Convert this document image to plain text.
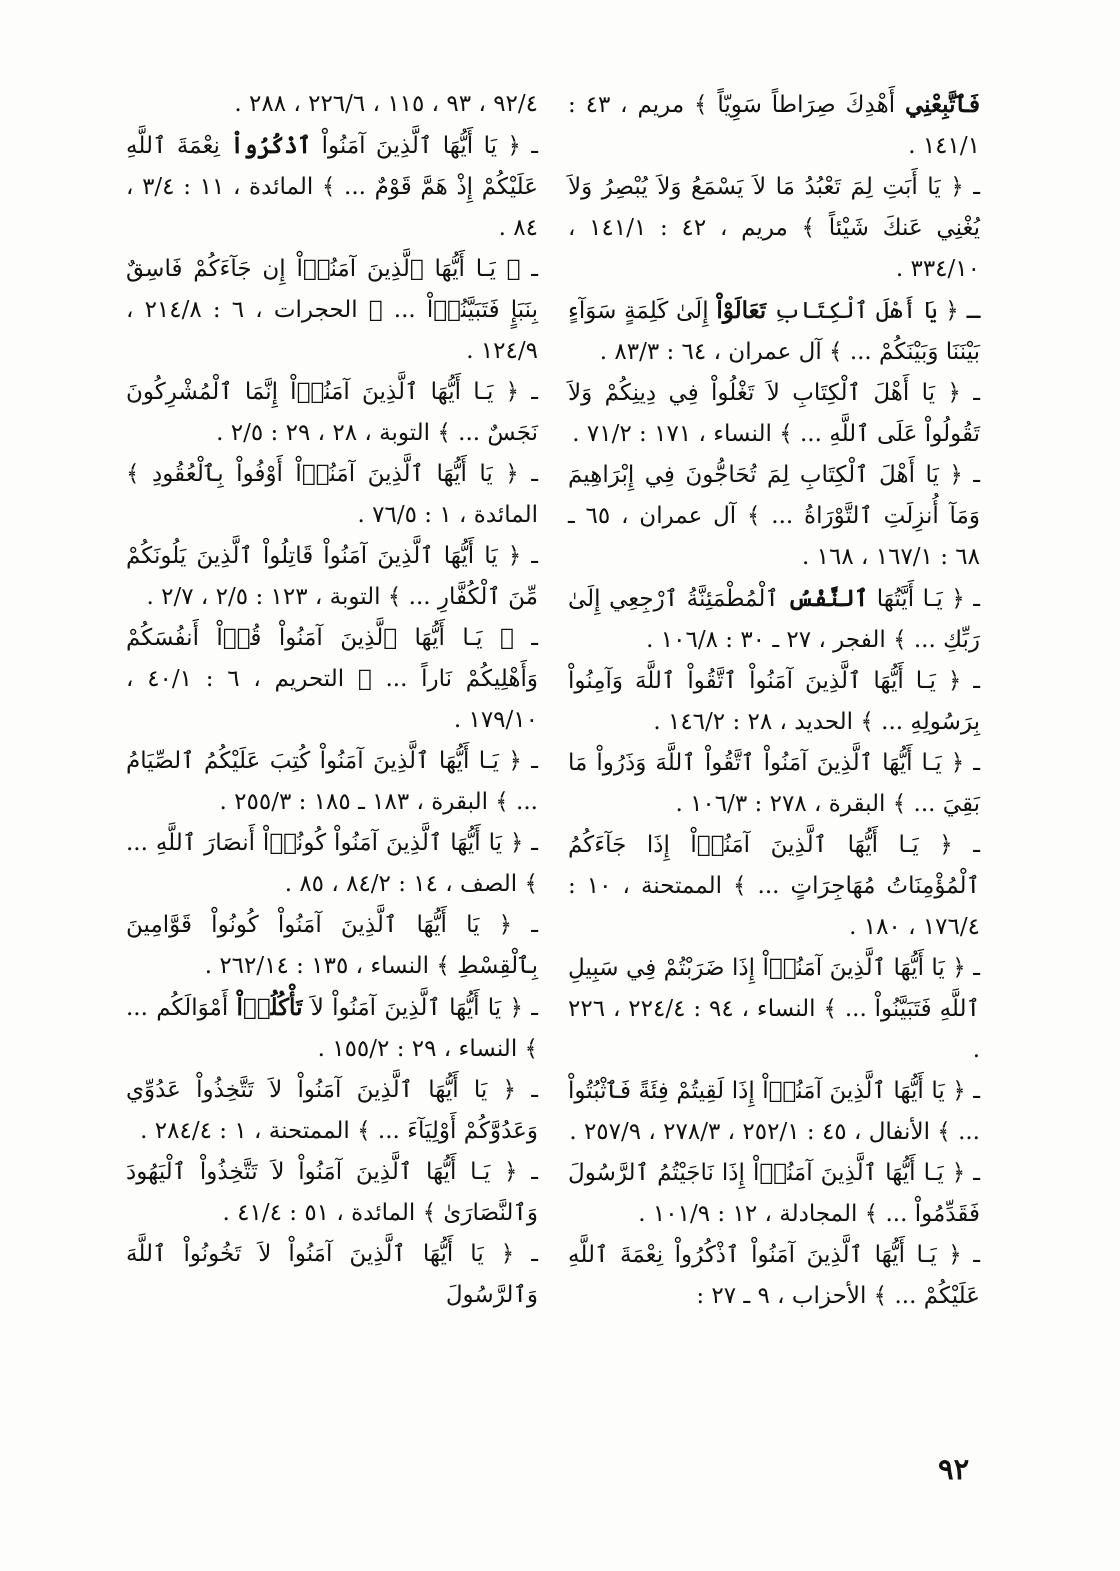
فَٱتَّبِعْنِي أَهْدِكَ صِرَاطاً سَوِيّاً ﴾ مريم ، ٤٣ : ١٤١/١ .

ـ ﴿ يَا أَبَتِ لِمَ تَعْبُدُ مَا لاَ يَسْمَعُ وَلاَ يُبْصِرُ وَلاَ يُغْنِي عَنكَ شَيْئاً ﴾ مريم ، ٤٢ : ١٤١/١ ، ٣٣٤/١٠ .

ـ ﴿ يَا أَهْلَ ٱلْكِتَابِ تَعَالَوْاْ إِلَىٰ كَلِمَةٍ سَوَآءٍ بَيْنَنَا وَبَيْنَكُمْ ... ﴾ آل عمران ، ٦٤ : ٨٣/٣ .

ـ ﴿ يَا أَهْلَ ٱلْكِتَابِ لاَ تَغْلُواْ فِي دِينِكُمْ وَلاَ تَقُولُواْ عَلَى ٱللَّهِ ... ﴾ النساء ، ١٧١ : ٧١/٢ .

ـ ﴿ يَا أَهْلَ ٱلْكِتَابِ لِمَ تُحَاجُّونَ فِي إِبْرَاهِيمَ وَمَآ أُنزِلَتِ ٱلتَّوْرَاةُ ... ﴾ آل عمران ، ٦٥ ـ ٦٨ : ١٦٧/١ ، ١٦٨ .

ـ ﴿ يَـا أَيَّتُهَا ٱلنَّفْسُ ٱلْمُطْمَئِنَّةُ ٱرْجِعِي إِلَىٰ رَبِّكِ ... ﴾ الفجر ، ٢٧ ـ ٣٠ : ١٠٦/٨ .

ـ ﴿ يَـا أَيُّهَا ٱلَّذِينَ آمَنُواْ ٱتَّقُواْ ٱللَّهَ وَآمِنُواْ بِرَسُولِهِ ... ﴾ الحديد ، ٢٨ : ١٤٦/٢ .

ـ ﴿ يَـا أَيُّهَا ٱلَّذِينَ آمَنُواْ ٱتَّقُواْ ٱللَّهَ وَذَرُواْ مَا بَقِيَ ... ﴾ البقرة ، ٢٧٨ : ١٠٦/٣ .

ـ ﴿ يَـا أَيُّهَا ٱلَّذِينَ آمَنُوۤاْ إِذَا جَآءَكُمُ ٱلْمُؤْمِنَاتُ مُهَاجِرَاتٍ ... ﴾ الممتحنة ، ١٠ : ١٧٦/٤ ، ١٨٠ .

ـ ﴿ يَا أَيُّهَا ٱلَّذِينَ آمَنُوۤاْ إِذَا ضَرَبْتُمْ فِي سَبِيلِ ٱللَّهِ فَتَبَيَّنُواْ ... ﴾ النساء ، ٩٤ : ٢٢٤/٤ ، ٢٢٦ .

ـ ﴿ يَا أَيُّهَا ٱلَّذِينَ آمَنُوۤاْ إِذَا لَقِيتُمْ فِئَةً فَٱثْبُتُواْ ... ﴾ الأنفال ، ٤٥ : ٢٥٢/١ ، ٢٧٨/٣ ، ٢٥٧/٩ .

ـ ﴿ يَـا أَيُّهَا ٱلَّذِينَ آمَنُوۤاْ إِذَا نَاجَيْتُمُ ٱلرَّسُولَ فَقَدِّمُواْ ... ﴾ المجادلة ، ١٢ : ١٠١/٩ .

ـ ﴿ يَـا أَيُّهَا ٱلَّذِينَ آمَنُواْ ٱذْكُرُواْ نِعْمَةَ ٱللَّهِ عَلَيْكُمْ ... ﴾ الأحزاب ، ٩ ـ ٢٧ :

٩٢/٤ ، ٩٣ ، ١١٥ ، ٢٢٦/٦ ، ٢٨٨ .

ـ ﴿ يَا أَيُّهَا ٱلَّذِينَ آمَنُواْ ٱذْكُرُواْ نِعْمَةَ ٱللَّهِ عَلَيْكُمْ إِذْ هَمَّ قَوْمٌ ... ﴾ المائدة ، ١١ : ٣/٤ ، ٨٤ .

ـ ﴿ يَـا أَيُّهَا ٱلَّذِينَ آمَنُوۤاْ إِن جَآءَكُمْ فَاسِقٌ بِنَبَإٍ فَتَبَيَّنُوۤاْ ... ﴾ الحجرات ، ٦ : ٢١٤/٨ ، ١٢٤/٩ .

ـ ﴿ يَـا أَيُّهَا ٱلَّذِينَ آمَنُوۤاْ إِنَّمَا ٱلْمُشْرِكُونَ نَجَسٌ ... ﴾ التوبة ، ٢٨ ، ٢٩ : ٢/٥ .

ـ ﴿ يَا أَيُّهَا ٱلَّذِينَ آمَنُوۤاْ أَوْفُواْ بِٱلْعُقُودِ ﴾ المائدة ، ١ : ٧٦/٥ .

ـ ﴿ يَا أَيُّهَا ٱلَّذِينَ آمَنُواْ قَاتِلُواْ ٱلَّذِينَ يَلُونَكُمْ مِّنَ ٱلْكُفَّارِ ... ﴾ التوبة ، ١٢٣ : ٢/٥ ، ٢/٧ .

ـ ﴿ يَـا أَيُّهَا ٱلَّذِينَ آمَنُواْ قُوۤاْ أَنفُسَكُمْ وَأَهْلِيكُمْ نَاراً ... ﴾ التحريم ، ٦ : ٤٠/١ ، ١٧٩/١٠ .

ـ ﴿ يَـا أَيُّهَا ٱلَّذِينَ آمَنُواْ كُتِبَ عَلَيْكُمُ ٱلصِّيَامُ ... ﴾ البقرة ، ١٨٣ ـ ١٨٥ : ٢٥٥/٣ .

ـ ﴿ يَا أَيُّهَا ٱلَّذِينَ آمَنُواْ كُونُوۤاْ أَنصَارَ ٱللَّهِ ... ﴾ الصف ، ١٤ : ٨٤/٢ ، ٨٥ .

ـ ﴿ يَا أَيُّهَا ٱلَّذِينَ آمَنُواْ كُونُواْ قَوَّامِينَ بِٱلْقِسْطِ ﴾ النساء ، ١٣٥ : ٢٦٢/١٤ .

ـ ﴿ يَا أَيُّهَا ٱلَّذِينَ آمَنُواْ لاَ تَأْكُلُوۤاْ أَمْوَالَكُم ... ﴾ النساء ، ٢٩ : ١٥٥/٢ .

ـ ﴿ يَا أَيُّهَا ٱلَّذِينَ آمَنُواْ لاَ تَتَّخِذُواْ عَدُوِّي وَعَدُوَّكُمْ أَوْلِيَآءَ ... ﴾ الممتحنة ، ١ : ٢٨٤/٤ .

ـ ﴿ يَـا أَيُّهَا ٱلَّذِينَ آمَنُواْ لاَ تَتَّخِذُواْ ٱلْيَهُودَ وَٱلنَّصَارَىٰ ﴾ المائدة ، ٥١ : ٤١/٤ .

ـ ﴿ يَا أَيُّهَا ٱلَّذِينَ آمَنُواْ لاَ تَخُونُواْ ٱللَّهَ وَٱلرَّسُولَ

٩٢
